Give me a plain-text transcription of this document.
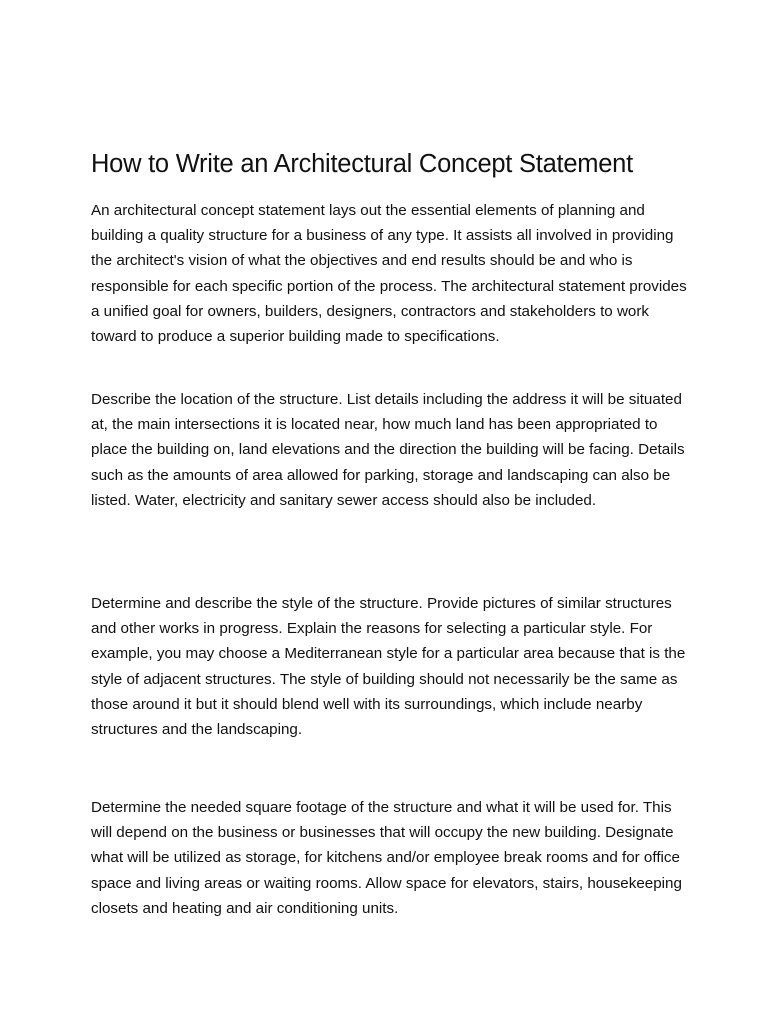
How to Write an Architectural Concept Statement

An architectural concept statement lays out the essential elements of planning and building a quality structure for a business of any type. It assists all involved in providing the architect's vision of what the objectives and end results should be and who is responsible for each specific portion of the process. The architectural statement provides a unified goal for owners, builders, designers, contractors and stakeholders to work toward to produce a superior building made to specifications.

Describe the location of the structure. List details including the address it will be situated at, the main intersections it is located near, how much land has been appropriated to place the building on, land elevations and the direction the building will be facing. Details such as the amounts of area allowed for parking, storage and landscaping can also be listed. Water, electricity and sanitary sewer access should also be included.

Determine and describe the style of the structure. Provide pictures of similar structures and other works in progress. Explain the reasons for selecting a particular style. For example, you may choose a Mediterranean style for a particular area because that is the style of adjacent structures. The style of building should not necessarily be the same as those around it but it should blend well with its surroundings, which include nearby structures and the landscaping.

Determine the needed square footage of the structure and what it will be used for. This will depend on the business or businesses that will occupy the new building. Designate what will be utilized as storage, for kitchens and/or employee break rooms and for office space and living areas or waiting rooms. Allow space for elevators, stairs, housekeeping closets and heating and air conditioning units.
